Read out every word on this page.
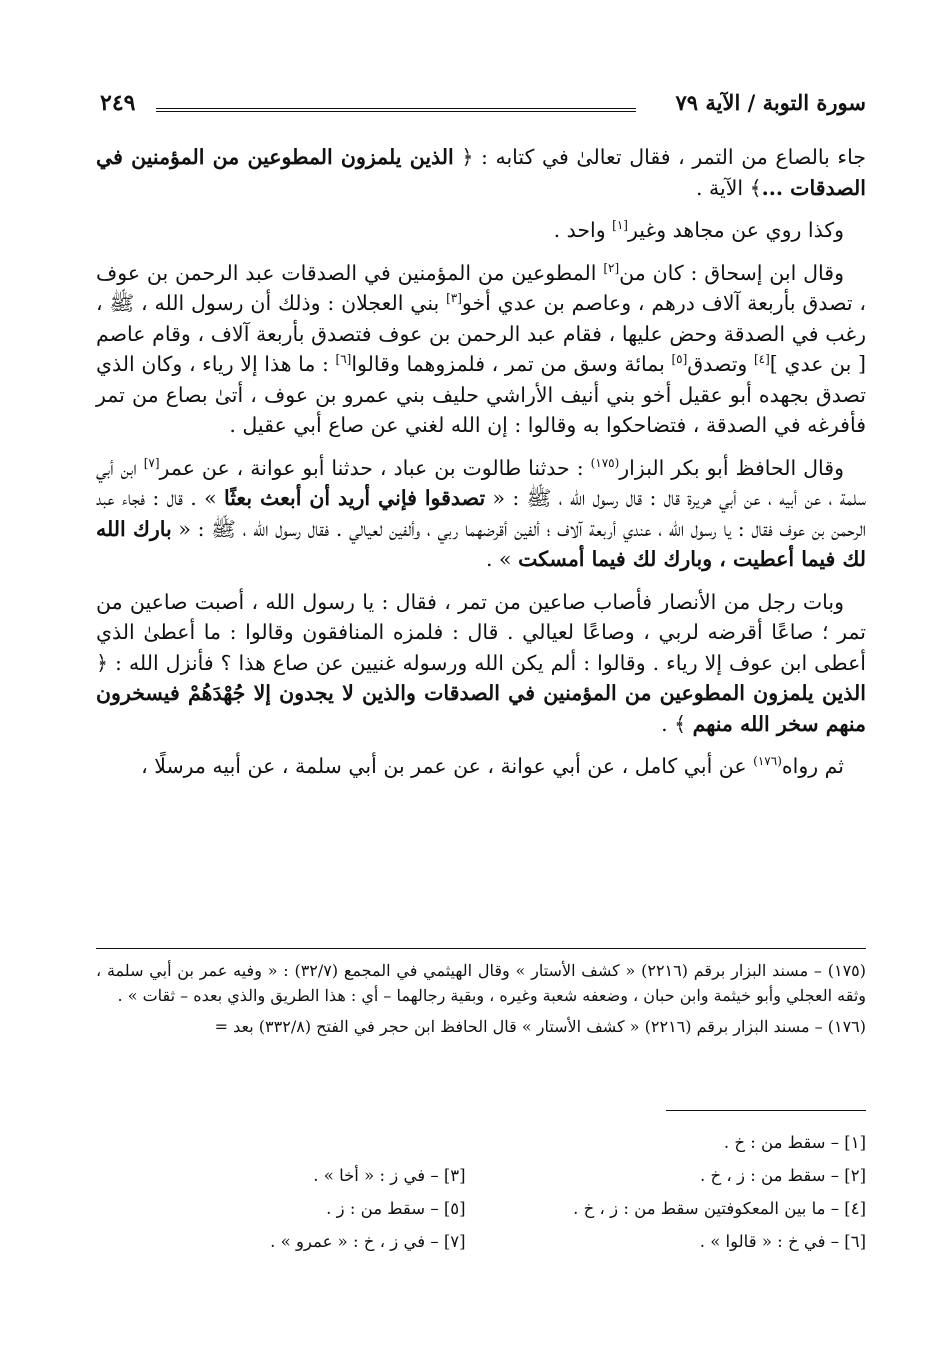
سورة التوبة / الآية ٧٩
٢٤٩

جاء بالصاع من التمر ، فقال تعالىٰ في كتابه : ﴿ الذين يلمزون المطوعين من المؤمنين في الصدقات ...﴾ الآية .

وكذا روي عن مجاهد وغير[١] واحد .

وقال ابن إسحاق : كان من[٢] المطوعين من المؤمنين في الصدقات عبد الرحمن بن عوف ، تصدق بأربعة آلاف درهم ، وعاصم بن عدي أخو[٣] بني العجلان : وذلك أن رسول الله ، ﷺ ، رغب في الصدقة وحض عليها ، فقام عبد الرحمن بن عوف فتصدق بأربعة آلاف ، وقام عاصم [ بن عدي ][٤] وتصدق[٥] بمائة وسق من تمر ، فلمزوهما وقالوا[٦] : ما هذا إلا رياء ، وكان الذي تصدق بجهده أبو عقيل أخو بني أنيف الأراشي حليف بني عمرو بن عوف ، أتىٰ بصاع من تمر فأفرغه في الصدقة ، فتضاحكوا به وقالوا : إن الله لغني عن صاع أبي عقيل .

وقال الحافظ أبو بكر البزار$^{(١٧٥)}$ : حدثنا طالوت بن عباد ، حدثنا أبو عوانة ، عن عمر[٧] ابن أبي سلمة ، عن أبيه ، عن أبي هريرة قال : قال رسول الله ، ﷺ : « تصدقوا فإني أريد أن أبعث بعثًا » . قال : فجاء عبد الرحمن بن عوف فقال : يا رسول الله ، عندي أربعة آلاف ؛ ألفين أقرضهما ربي ، وألفين لعيالي . فقال رسول الله ، ﷺ : « بارك الله لك فيما أعطيت ، وبارك لك فيما أمسكت » .

وبات رجل من الأنصار فأصاب صاعين من تمر ، فقال : يا رسول الله ، أصبت صاعين من تمر ؛ صاعًا أقرضه لربي ، وصاعًا لعيالي . قال : فلمزه المنافقون وقالوا : ما أعطىٰ الذي أعطى ابن عوف إلا رياء . وقالوا : ألم يكن الله ورسوله غنيين عن صاع هذا ؟ فأنزل الله : ﴿ الذين يلمزون المطوعين من المؤمنين في الصدقات والذين لا يجدون إلا جُهْدَهُمْ فيسخرون منهم سخر الله منهم ﴾ .

ثم رواه$^{(١٧٦)}$ عن أبي كامل ، عن أبي عوانة ، عن عمر بن أبي سلمة ، عن أبيه مرسلًا ،

(١٧٥) – مسند البزار برقم (٢٢١٦) « كشف الأستار » وقال الهيثمي في المجمع (٣٢/٧) : « وفيه عمر بن أبي سلمة ، وثقه العجلي وأبو خيثمة وابن حبان ، وضعفه شعبة وغيره ، وبقية رجالهما – أي : هذا الطريق والذي بعده – ثقات » .

(١٧٦) – مسند البزار برقم (٢٢١٦) « كشف الأستار » قال الحافظ ابن حجر في الفتح (٣٣٢/٨) بعد =

[١] – سقط من : خ .
[٢] – سقط من : ز ، خ .
[٣] – في ز : « أخا » .
[٤] – ما بين المعكوفتين سقط من : ز ، خ .
[٥] – سقط من : ز .
[٦] – في خ : « قالوا » .
[٧] – في ز ، خ : « عمرو » .
